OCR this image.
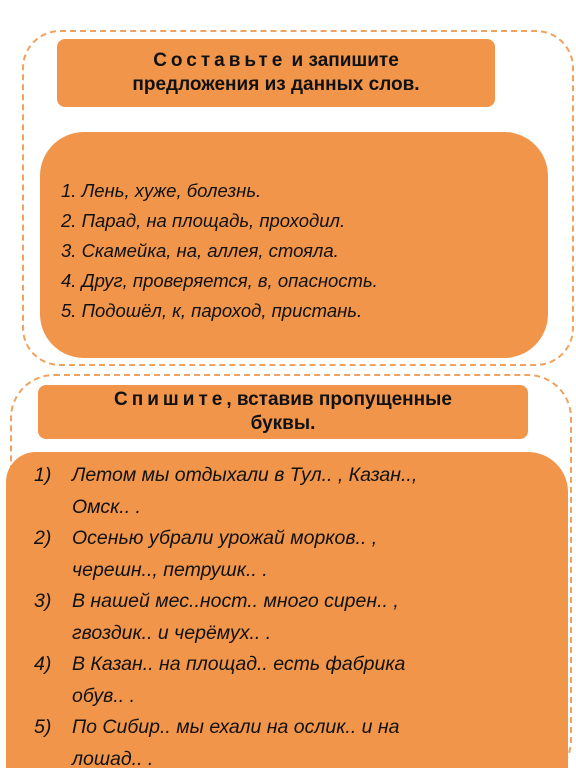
Составьте и запишите
предложения из данных слов.
1. Лень, хуже, болезнь.
2. Парад, на площадь, проходил.
3. Скамейка, на, аллея, стояла.
4. Друг, проверяется, в, опасность.
5. Подошёл, к, пароход, пристань.
Спишите, вставив пропущенные
буквы.
1)	Летом мы отдыхали в Тул.. , Казан..,
Омск.. .
2)	Осенью убрали урожай морков.. ,
черешн.., петрушк.. .
3)	В нашей мес..ност.. много сирен.. ,
гвоздик.. и черёмух.. .
4)	В Казан.. на площад.. есть фабрика
обув.. .
5)	По Сибир.. мы ехали на ослик.. и на
лошад.. .
